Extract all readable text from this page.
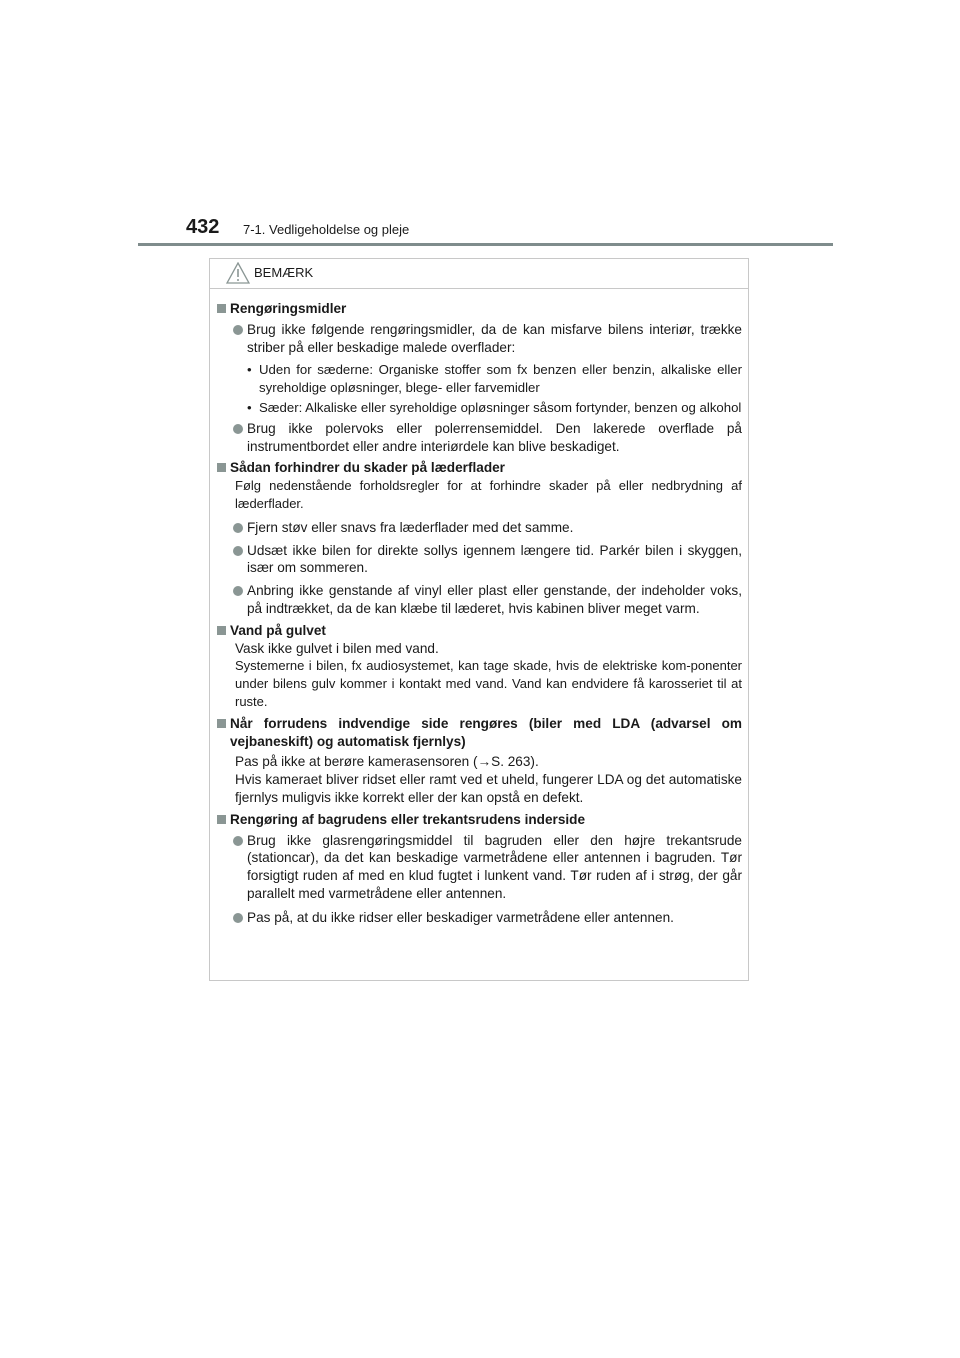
432 7-1. Vedligeholdelse og pleje
BEMÆRK
Rengøringsmidler
Brug ikke følgende rengøringsmidler, da de kan misfarve bilens interiør, trække striber på eller beskadige malede overflader:
• Uden for sæderne: Organiske stoffer som fx benzen eller benzin, alkaliske eller syreholdige opløsninger, blege- eller farvemidler
• Sæder: Alkaliske eller syreholdige opløsninger såsom fortynder, benzen og alkohol
Brug ikke polervoks eller polerrensemiddel. Den lakerede overflade på instrumentbordet eller andre interiørdele kan blive beskadiget.
Sådan forhindrer du skader på læderflader
Følg nedenstående forholdsregler for at forhindre skader på eller nedbrydning af læderflader.
Fjern støv eller snavs fra læderflader med det samme.
Udsæt ikke bilen for direkte sollys igennem længere tid. Parkér bilen i skyggen, især om sommeren.
Anbring ikke genstande af vinyl eller plast eller genstande, der indeholder voks, på indtrækket, da de kan klæbe til læderet, hvis kabinen bliver meget varm.
Vand på gulvet
Vask ikke gulvet i bilen med vand.
Systemerne i bilen, fx audiosystemet, kan tage skade, hvis de elektriske kom-ponenter under bilens gulv kommer i kontakt med vand. Vand kan endvidere få karosseriet til at ruste.
Når forrudens indvendige side rengøres (biler med LDA (advarsel om vejbaneskift) og automatisk fjernlys)
Pas på ikke at berøre kamerasensoren (→S. 263).
Hvis kameraet bliver ridset eller ramt ved et uheld, fungerer LDA og det automatiske fjernlys muligvis ikke korrekt eller der kan opstå en defekt.
Rengøring af bagrudens eller trekantsrudens inderside
Brug ikke glasrengøringsmiddel til bagruden eller den højre trekantsrude (stationcar), da det kan beskadige varmetrådene eller antennen i bagruden. Tør forsigtigt ruden af med en klud fugtet i lunkent vand. Tør ruden af i strøg, der går parallelt med varmetrådene eller antennen.
Pas på, at du ikke ridser eller beskadiger varmetrådene eller antennen.
